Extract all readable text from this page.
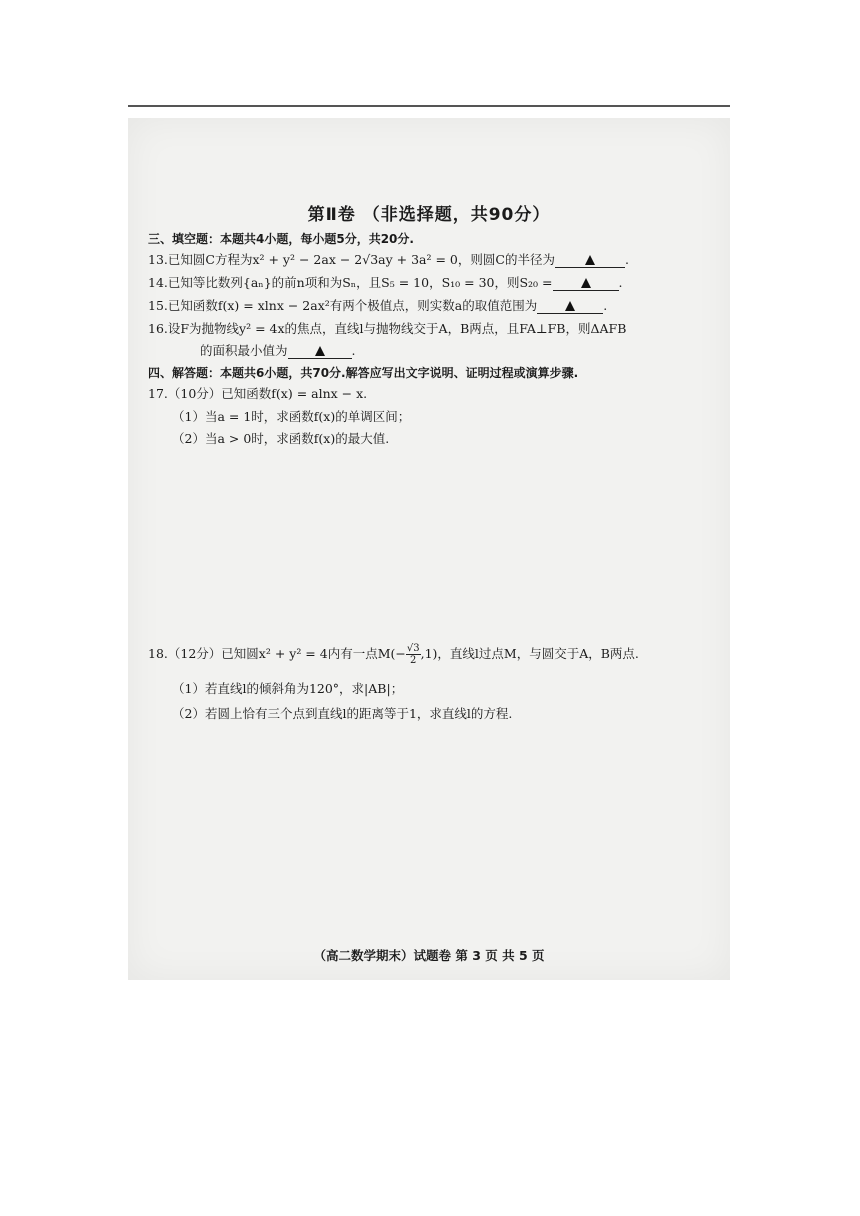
第Ⅱ卷 （非选择题，共90分）
三、填空题：本题共4小题，每小题5分，共20分.
13.已知圆C方程为x² + y² − 2ax − 2√3ay + 3a² = 0，则圆C的半径为	.
14.已知等比数列{aₙ}的前n项和为Sₙ，且S₅ = 10，S₁₀ = 30，则S₂₀ =	.
15.已知函数f(x) = xlnx − 2ax²有两个极值点，则实数a的取值范围为	.
16.设F为抛物线y² = 4x的焦点，直线l与抛物线交于A，B两点，且FA⊥FB，则ΔAFB
的面积最小值为	.
四、解答题：本题共6小题，共70分.解答应写出文字说明、证明过程或演算步骤.
17.（10分）已知函数f(x) = alnx − x.
（1）当a = 1时，求函数f(x)的单调区间；
（2）当a > 0时，求函数f(x)的最大值.
18.（12分）已知圆x² + y² = 4内有一点$M(- \frac{√3}{2} ,1)$，直线l过点M，与圆交于A，B两点.
（1）若直线l的倾斜角为120°，求|AB|；
（2）若圆上恰有三个点到直线l的距离等于1，求直线l的方程.
（高二数学期末）试题卷 第 3 页 共 5 页
